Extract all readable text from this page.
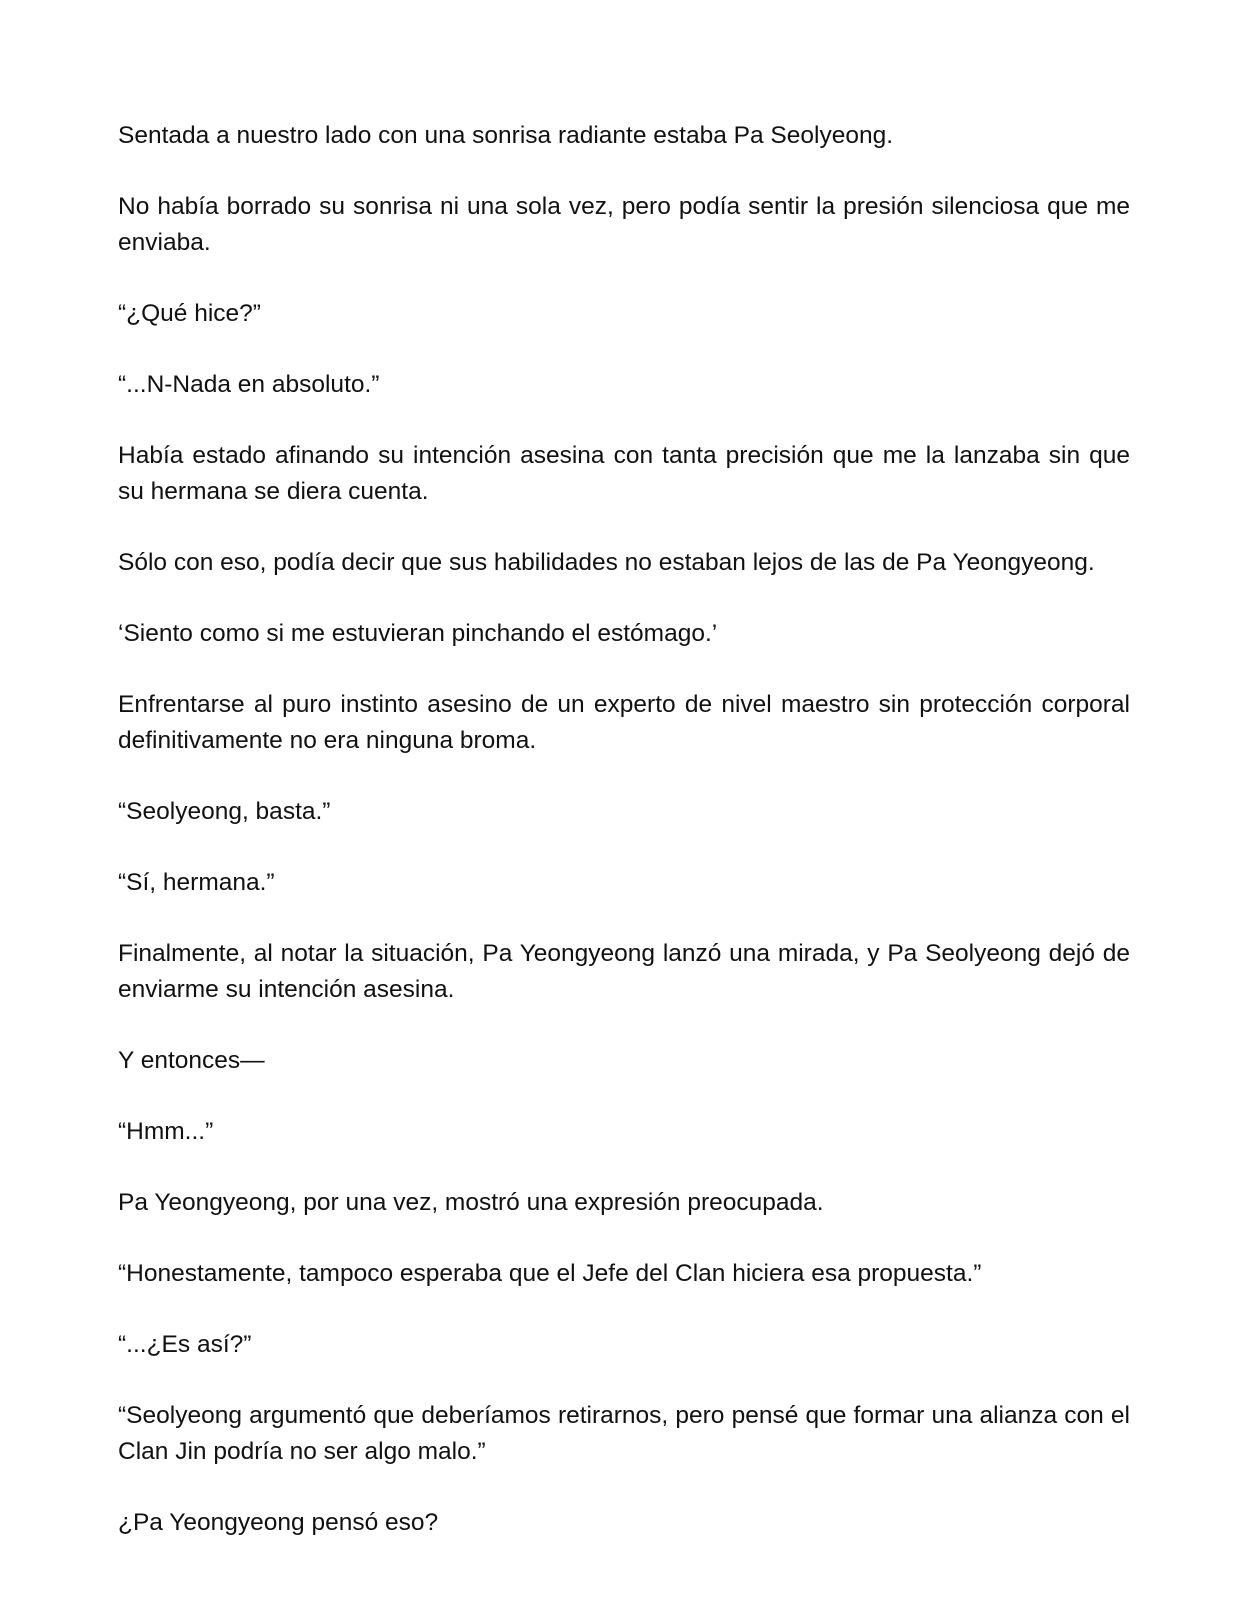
Sentada a nuestro lado con una sonrisa radiante estaba Pa Seolyeong.

No había borrado su sonrisa ni una sola vez, pero podía sentir la presión silenciosa que me enviaba.

“¿Qué hice?”

“...N-Nada en absoluto.”

Había estado afinando su intención asesina con tanta precisión que me la lanzaba sin que su hermana se diera cuenta.

Sólo con eso, podía decir que sus habilidades no estaban lejos de las de Pa Yeongyeong.

‘Siento como si me estuvieran pinchando el estómago.’

Enfrentarse al puro instinto asesino de un experto de nivel maestro sin protección corporal definitivamente no era ninguna broma.

“Seolyeong, basta.”

“Sí, hermana.”

Finalmente, al notar la situación, Pa Yeongyeong lanzó una mirada, y Pa Seolyeong dejó de enviarme su intención asesina.

Y entonces—

“Hmm...”

Pa Yeongyeong, por una vez, mostró una expresión preocupada.

“Honestamente, tampoco esperaba que el Jefe del Clan hiciera esa propuesta.”

“...¿Es así?”

“Seolyeong argumentó que deberíamos retirarnos, pero pensé que formar una alianza con el Clan Jin podría no ser algo malo.”

¿Pa Yeongyeong pensó eso?
